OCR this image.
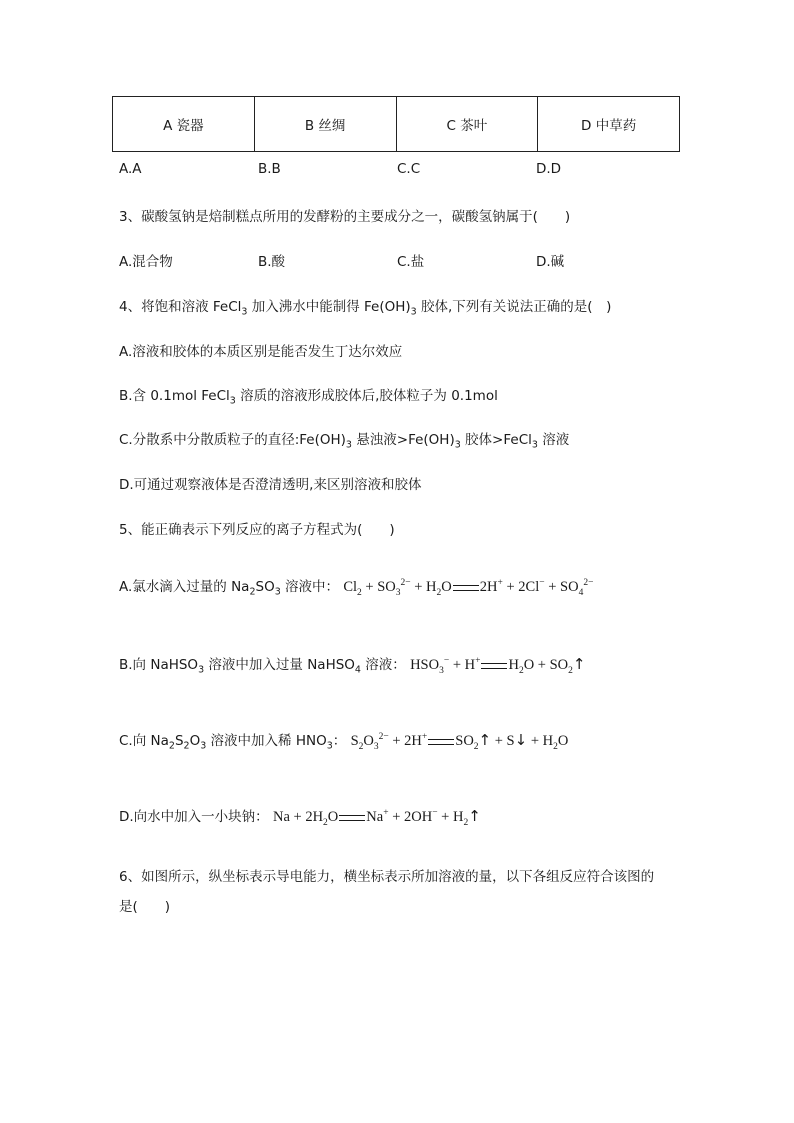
A 瓷器	B 丝绸	C 茶叶	D 中草药
A.A	B.B	C.C	D.D
3、碳酸氢钠是焙制糕点所用的发酵粉的主要成分之一，碳酸氢钠属于(　　)
A.混合物	B.酸	C.盐	D.碱
4、将饱和溶液 FeCl$_3$ 加入沸水中能制得 $Fe(OH)_3$ 胶体,下列有关说法正确的是(　)
A.溶液和胶体的本质区别是能否发生丁达尔效应
B.含 0.1mol FeCl$_3$ 溶质的溶液形成胶体后,胶体粒子为 0.1mol
C.分散系中分散质粒子的直径$:Fe(OH)_3$ 悬浊液$>Fe(OH)_3$ 胶体>FeCl$_3$ 溶液
D.可通过观察液体是否澄清透明,来区别溶液和胶体
5、能正确表示下列反应的离子方程式为(　　)
A.氯水滴入过量的 $Na_2SO_3$ 溶液中： $Cl_2 + SO_3^{2-} + H_2O$ $2H^+ + 2Cl^- + SO_4^{2-}$
B.向 NaHSO$_3$ 溶液中加入过量 NaHSO$_4$ 溶液： $HSO_3^- + H^+$ $H_2O$ + $SO_2↑$
C.向 $Na_2S_2O_3$ 溶液中加入稀 $HNO_3$： $S_2O_3^{2-} + 2H^+$ $SO_2↑$ + S↓ + $H_2O$
D.向水中加入一小块钠： $Na + 2H_2O$ $Na^+ + 2OH^- + H_2↑$
6、如图所示，纵坐标表示导电能力，横坐标表示所加溶液的量，以下各组反应符合该图的
是(　　)
